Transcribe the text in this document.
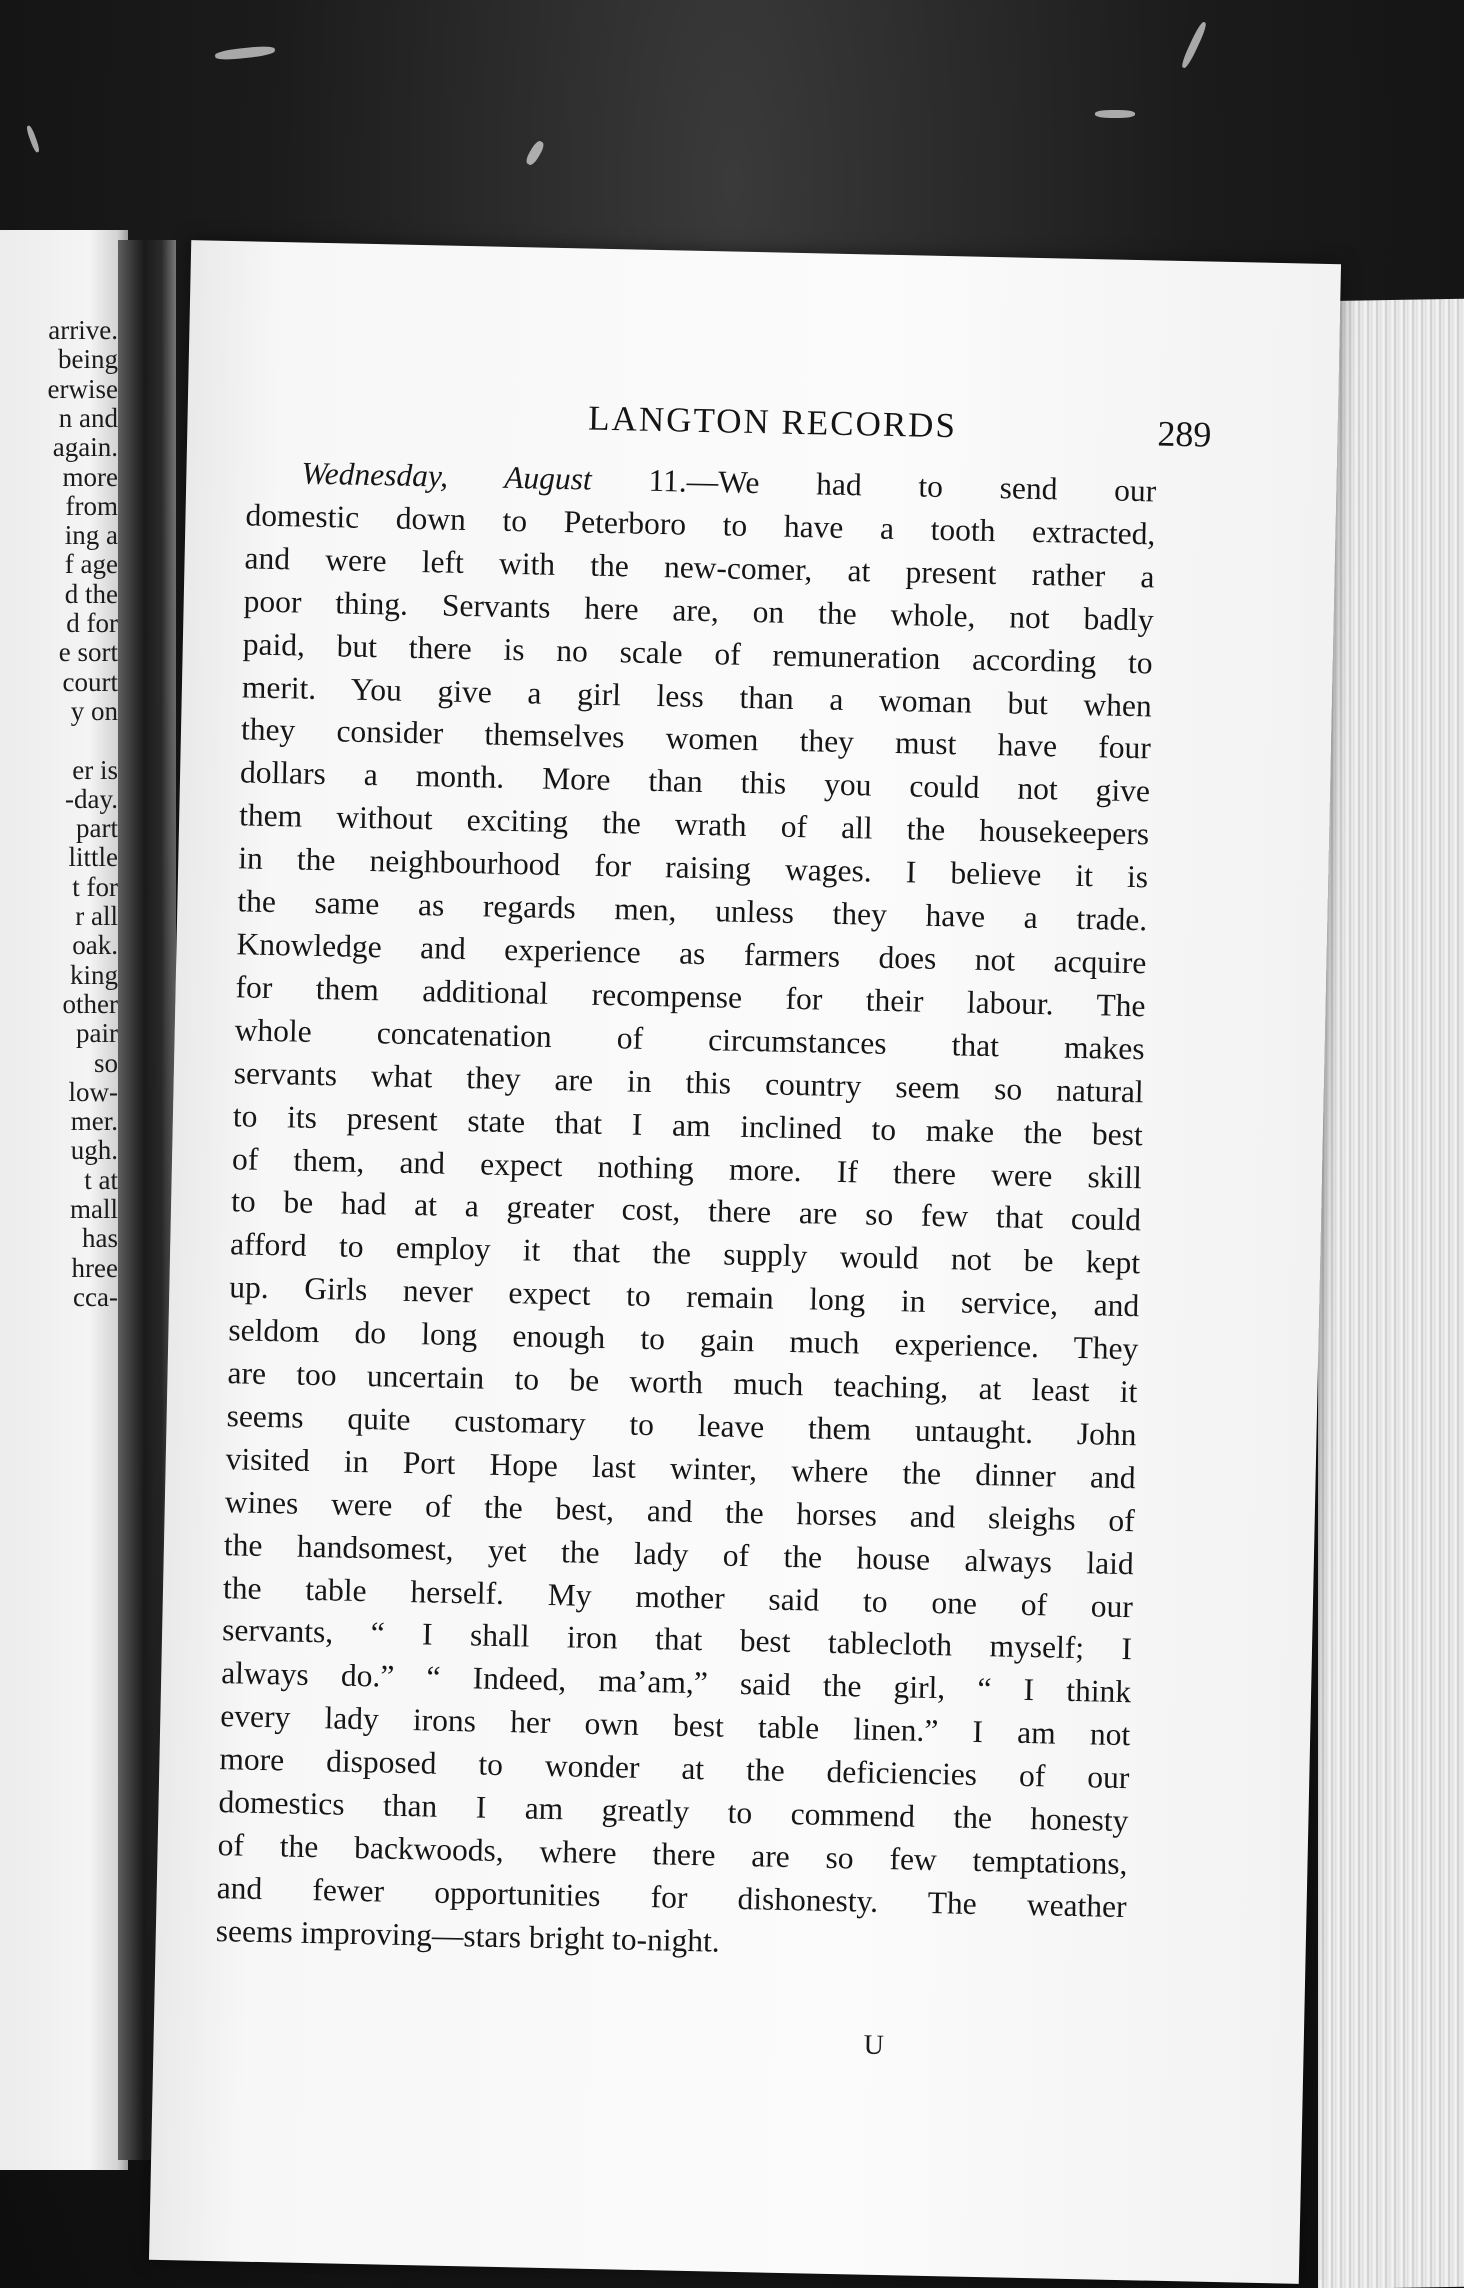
arrive.
being
erwise
n and
again.
more
from
ing a
f age
d the
d for
e sort
court
y on
er is
-day.
part
little
t for
r all
oak.
king
other
pair
so
low-
mer.
ugh.
t at
mall
has
hree
cca-
LANGTON RECORDS	289
Wednesday, August 11.—We had to send our
domestic down to Peterboro to have a tooth extracted,
and were left with the new-comer, at present rather a
poor thing. Servants here are, on the whole, not badly
paid, but there is no scale of remuneration according to
merit. You give a girl less than a woman but when
they consider themselves women they must have four
dollars a month. More than this you could not give
them without exciting the wrath of all the housekeepers
in the neighbourhood for raising wages. I believe it is
the same as regards men, unless they have a trade.
Knowledge and experience as farmers does not acquire
for them additional recompense for their labour. The
whole concatenation of circumstances that makes
servants what they are in this country seem so natural
to its present state that I am inclined to make the best
of them, and expect nothing more. If there were skill
to be had at a greater cost, there are so few that could
afford to employ it that the supply would not be kept
up. Girls never expect to remain long in service, and
seldom do long enough to gain much experience. They
are too uncertain to be worth much teaching, at least it
seems quite customary to leave them untaught. John
visited in Port Hope last winter, where the dinner and
wines were of the best, and the horses and sleighs of
the handsomest, yet the lady of the house always laid
the table herself. My mother said to one of our
servants, “ I shall iron that best tablecloth myself; I
always do.” “ Indeed, ma’am,” said the girl, “ I think
every lady irons her own best table linen.” I am not
more disposed to wonder at the deficiencies of our
domestics than I am greatly to commend the honesty
of the backwoods, where there are so few temptations,
and fewer opportunities for dishonesty. The weather
seems improving—stars bright to-night.
U
